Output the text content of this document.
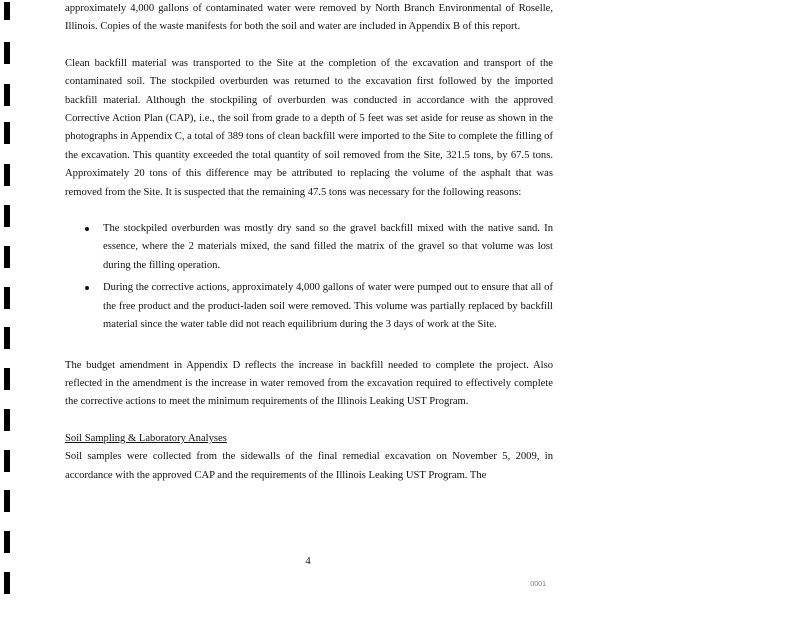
approximately 4,000 gallons of contaminated water were removed by North Branch Environmental of Roselle, Illinois. Copies of the waste manifests for both the soil and water are included in Appendix B of this report.

Clean backfill material was transported to the Site at the completion of the excavation and transport of the contaminated soil. The stockpiled overburden was returned to the excavation first followed by the imported backfill material. Although the stockpiling of overburden was conducted in accordance with the approved Corrective Action Plan (CAP), i.e., the soil from grade to a depth of 5 feet was set aside for reuse as shown in the photographs in Appendix C, a total of 389 tons of clean backfill were imported to the Site to complete the filling of the excavation. This quantity exceeded the total quantity of soil removed from the Site, 321.5 tons, by 67.5 tons. Approximately 20 tons of this difference may be attributed to replacing the volume of the asphalt that was removed from the Site. It is suspected that the remaining 47.5 tons was necessary for the following reasons:

The stockpiled overburden was mostly dry sand so the gravel backfill mixed with the native sand. In essence, where the 2 materials mixed, the sand filled the matrix of the gravel so that volume was lost during the filling operation.
During the corrective actions, approximately 4,000 gallons of water were pumped out to ensure that all of the free product and the product-laden soil were removed. This volume was partially replaced by backfill material since the water table did not reach equilibrium during the 3 days of work at the Site.

The budget amendment in Appendix D reflects the increase in backfill needed to complete the project. Also reflected in the amendment is the increase in water removed from the excavation required to effectively complete the corrective actions to meet the minimum requirements of the Illinois Leaking UST Program.

Soil Sampling & Laboratory Analyses

Soil samples were collected from the sidewalls of the final remedial excavation on November 5, 2009, in accordance with the approved CAP and the requirements of the Illinois Leaking UST Program. The

4
0001
